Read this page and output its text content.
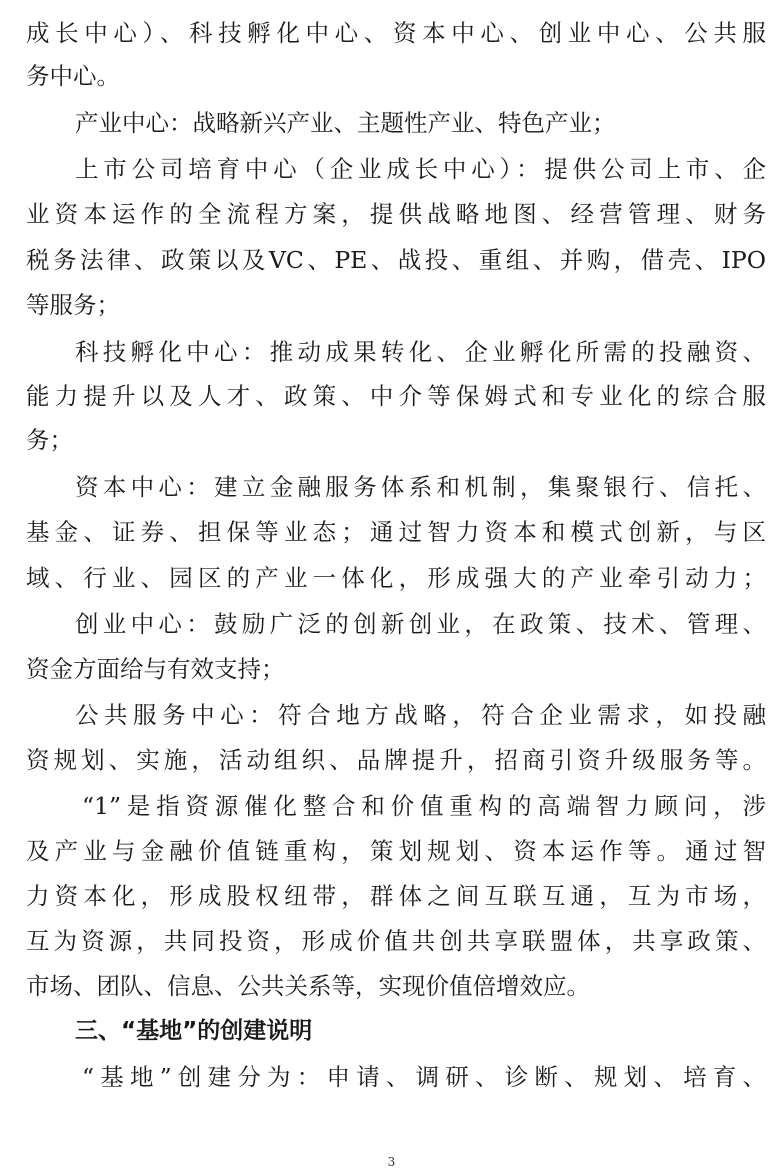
成长中心）、科技孵化中心、资本中心、创业中心、公共服
务中心。
产业中心：战略新兴产业、主题性产业、特色产业；
上市公司培育中心（企业成长中心）：提供公司上市、企
业资本运作的全流程方案，提供战略地图、经营管理、财务
税务法律、政策以及VC、PE、战投、重组、并购，借壳、IPO
等服务；
科技孵化中心：推动成果转化、企业孵化所需的投融资、
能力提升以及人才、政策、中介等保姆式和专业化的综合服
务；
资本中心：建立金融服务体系和机制，集聚银行、信托、
基金、证券、担保等业态；通过智力资本和模式创新，与区
域、行业、园区的产业一体化，形成强大的产业牵引动力；
创业中心：鼓励广泛的创新创业，在政策、技术、管理、
资金方面给与有效支持；
公共服务中心：符合地方战略，符合企业需求，如投融
资规划、实施，活动组织、品牌提升，招商引资升级服务等。
“1”是指资源催化整合和价值重构的高端智力顾问，涉
及产业与金融价值链重构，策划规划、资本运作等。通过智
力资本化，形成股权纽带，群体之间互联互通，互为市场，
互为资源，共同投资，形成价值共创共享联盟体，共享政策、
市场、团队、信息、公共关系等，实现价值倍增效应。
三、“基地”的创建说明
“基地”创建分为：申请、调研、诊断、规划、培育、
3
